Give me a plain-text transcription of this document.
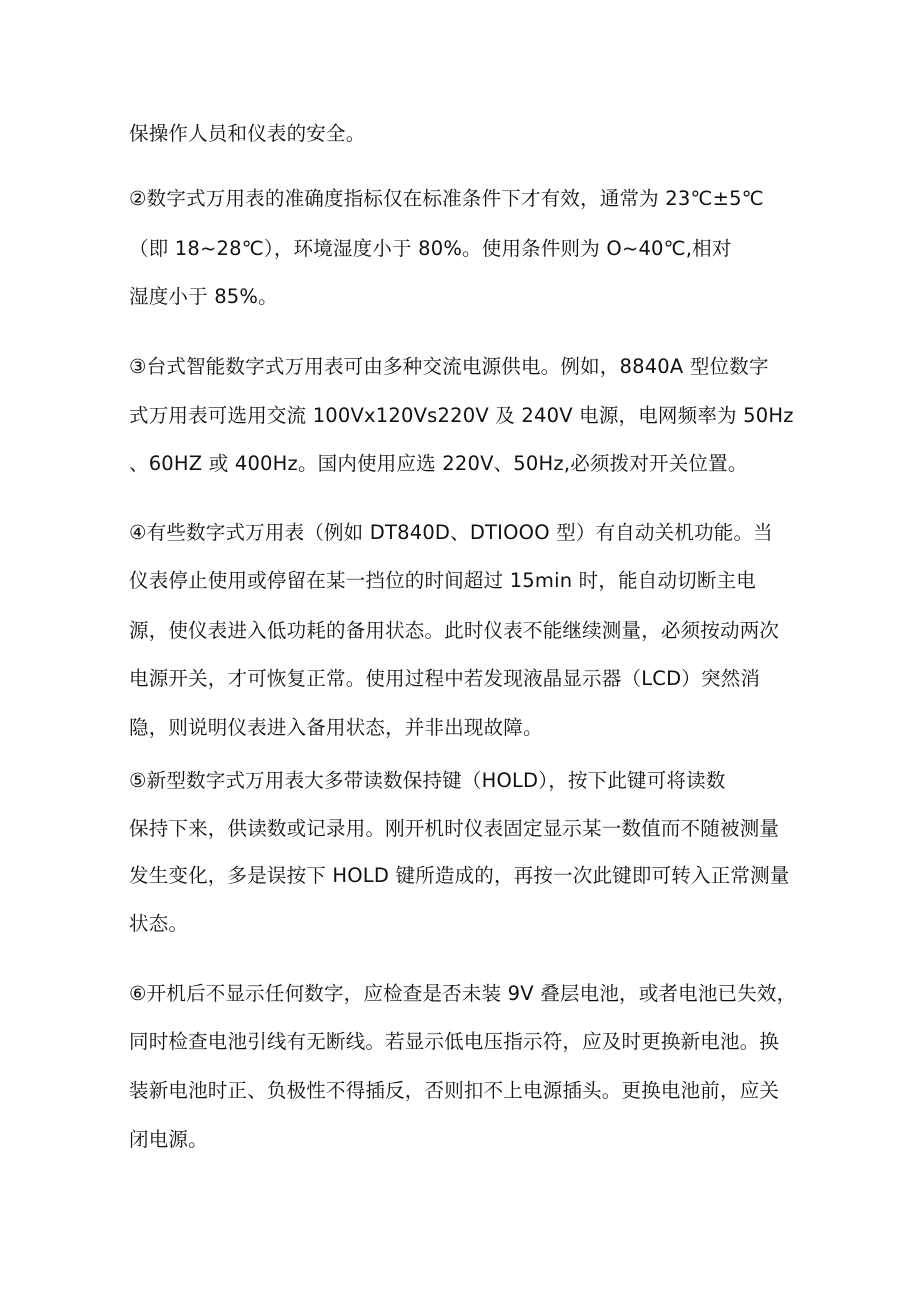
保操作人员和仪表的安全。

②数字式万用表的准确度指标仅在标准条件下才有效，通常为 23℃±5℃

（即 18~28℃），环境湿度小于 80%。使用条件则为 O~40℃,相对

湿度小于 85%。

③台式智能数字式万用表可由多种交流电源供电。例如，8840A 型位数字

式万用表可选用交流 100Vx120Vs220V 及 240V 电源，电网频率为 50Hz

、60HZ 或 400Hz。国内使用应选 220V、50Hz,必须拨对开关位置。

④有些数字式万用表（例如 DT840D、DTIOOO 型）有自动关机功能。当

仪表停止使用或停留在某一挡位的时间超过 15min 时，能自动切断主电

源，使仪表进入低功耗的备用状态。此时仪表不能继续测量，必须按动两次

电源开关，才可恢复正常。使用过程中若发现液晶显示器（LCD）突然消

隐，则说明仪表进入备用状态，并非出现故障。

⑤新型数字式万用表大多带读数保持键（HOLD），按下此键可将读数

保持下来，供读数或记录用。刚开机时仪表固定显示某一数值而不随被测量

发生变化，多是误按下 HOLD 键所造成的，再按一次此键即可转入正常测量

状态。

⑥开机后不显示任何数字，应检查是否未装 9V 叠层电池，或者电池已失效，

同时检查电池引线有无断线。若显示低电压指示符，应及时更换新电池。换

装新电池时正、负极性不得插反，否则扣不上电源插头。更换电池前，应关

闭电源。
